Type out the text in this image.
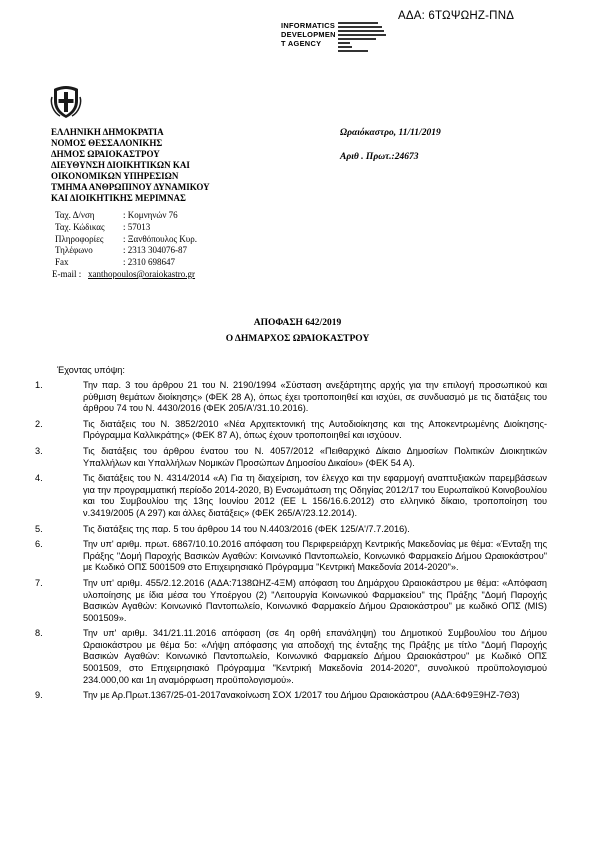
ΑΔΑ: 6ΤΩΨΩΗΖ-ΠΝΔ
INFORMATICS
DEVELOPMEN
T AGENCY
ΕΛΛΗΝΙΚΗ ΔΗΜΟΚΡΑΤΙΑ
ΝΟΜΟΣ ΘΕΣΣΑΛΟΝΙΚΗΣ
ΔΗΜΟΣ ΩΡΑΙΟΚΑΣΤΡΟΥ
ΔΙΕΥΘΥΝΣΗ ΔΙΟΙΚΗΤΙΚΩΝ ΚΑΙ
ΟΙΚΟΝΟΜΙΚΩΝ ΥΠΗΡΕΣΙΩΝ
ΤΜΗΜΑ ΑΝΘΡΩΠΙΝΟΥ ΔΥΝΑΜΙΚΟΥ
ΚΑΙ ΔΙΟΙΚΗΤΙΚΗΣ ΜΕΡΙΜΝΑΣ
Ωραιόκαστρο, 11/11/2019
Αριθ . Πρωτ.:24673
Ταχ. Δ/νση	: Κομνηνών 76
Ταχ. Κώδικας	: 57013
Πληροφορίες	: Ξανθόπουλος Κυρ.
Τηλέφωνο	: 2313 304076-87
Fax	: 2310 698647
E-mail : xanthopoulos@oraiokastro.gr
ΑΠΟΦΑΣΗ 642/2019
Ο ΔΗΜΑΡΧΟΣ ΩΡΑΙΟΚΑΣΤΡΟΥ
Έχοντας υπόψη:
1.	Την παρ. 3 του άρθρου 21 του Ν. 2190/1994 «Σύσταση ανεξάρτητης αρχής για την επιλογή προσωπικού και ρύθμιση θεμάτων διοίκησης» (ΦΕΚ 28 Α), όπως έχει τροποποιηθεί και ισχύει, σε συνδυασμό με τις διατάξεις του άρθρου 74 του Ν. 4430/2016 (ΦΕΚ 205/Α'/31.10.2016).
2.	Τις διατάξεις του Ν. 3852/2010 «Νέα Αρχιτεκτονική της Αυτοδιοίκησης και της Αποκεντρωμένης Διοίκησης-Πρόγραμμα Καλλικράτης» (ΦΕΚ 87 Α), όπως έχουν τροποποιηθεί και ισχύουν.
3.	Τις διατάξεις του άρθρου ένατου του Ν. 4057/2012 «Πειθαρχικό Δίκαιο Δημοσίων Πολιτικών Διοικητικών Υπαλλήλων και Υπαλλήλων Νομικών Προσώπων Δημοσίου Δικαίου» (ΦΕΚ 54 Α).
4.	Τις διατάξεις του Ν. 4314/2014 «Α) Για τη διαχείριση, τον έλεγχο και την εφαρμογή αναπτυξιακών παρεμβάσεων για την προγραμματική περίοδο 2014-2020, Β) Ενσωμάτωση της Οδηγίας 2012/17 του Ευρωπαϊκού Κοινοβουλίου και του Συμβουλίου της 13ης Ιουνίου 2012 (ΕΕ L 156/16.6.2012) στο ελληνικό δίκαιο, τροποποίηση του ν.3419/2005 (Α 297) και άλλες διατάξεις» (ΦΕΚ 265/Α'/23.12.2014).
5.	Τις διατάξεις της παρ. 5 του άρθρου 14 του Ν.4403/2016 (ΦΕΚ 125/Α'/7.7.2016).
6.	Την υπ' αριθμ. πρωτ. 6867/10.10.2016 απόφαση του Περιφερειάρχη Κεντρικής Μακεδονίας με θέμα: «Ένταξη της Πράξης "Δομή Παροχής Βασικών Αγαθών: Κοινωνικό Παντοπωλείο, Κοινωνικό Φαρμακείο Δήμου Ωραιοκάστρου" με Κωδικό ΟΠΣ 5001509 στο Επιχειρησιακό Πρόγραμμα "Κεντρική Μακεδονία 2014-2020"».
7.	Την υπ' αριθμ. 455/2.12.2016 (ΑΔΑ:7138ΩΗΖ-4ΞΜ) απόφαση του Δημάρχου Ωραιοκάστρου με θέμα: «Απόφαση υλοποίησης με ίδια μέσα του Υποέργου (2) "Λειτουργία Κοινωνικού Φαρμακείου" της Πράξης "Δομή Παροχής Βασικών Αγαθών: Κοινωνικό Παντοπωλείο, Κοινωνικό Φαρμακείο Δήμου Ωραιοκάστρου" με κωδικό ΟΠΣ (MIS) 5001509».
8.	Την υπ' αριθμ. 341/21.11.2016 απόφαση (σε 4η ορθή επανάληψη) του Δημοτικού Συμβουλίου του Δήμου Ωραιοκάστρου με θέμα 5ο: «Λήψη απόφασης για αποδοχή της ένταξης της Πράξης με τίτλο "Δομή Παροχής Βασικών Αγαθών: Κοινωνικό Παντοπωλείο, Κοινωνικό Φαρμακείο Δήμου Ωραιοκάστρου" με Κωδικό ΟΠΣ 5001509, στο Επιχειρησιακό Πρόγραμμα "Κεντρική Μακεδονία 2014-2020", συνολικού προϋπολογισμού 234.000,00 και 1η αναμόρφωση προϋπολογισμού».
9.	Την με Αρ.Πρωτ.1367/25-01-2017ανακοίνωση ΣΟΧ 1/2017 του Δήμου Ωραιοκάστρου (ΑΔΑ:6Φ9Ξ9ΗΖ-7Θ3)
